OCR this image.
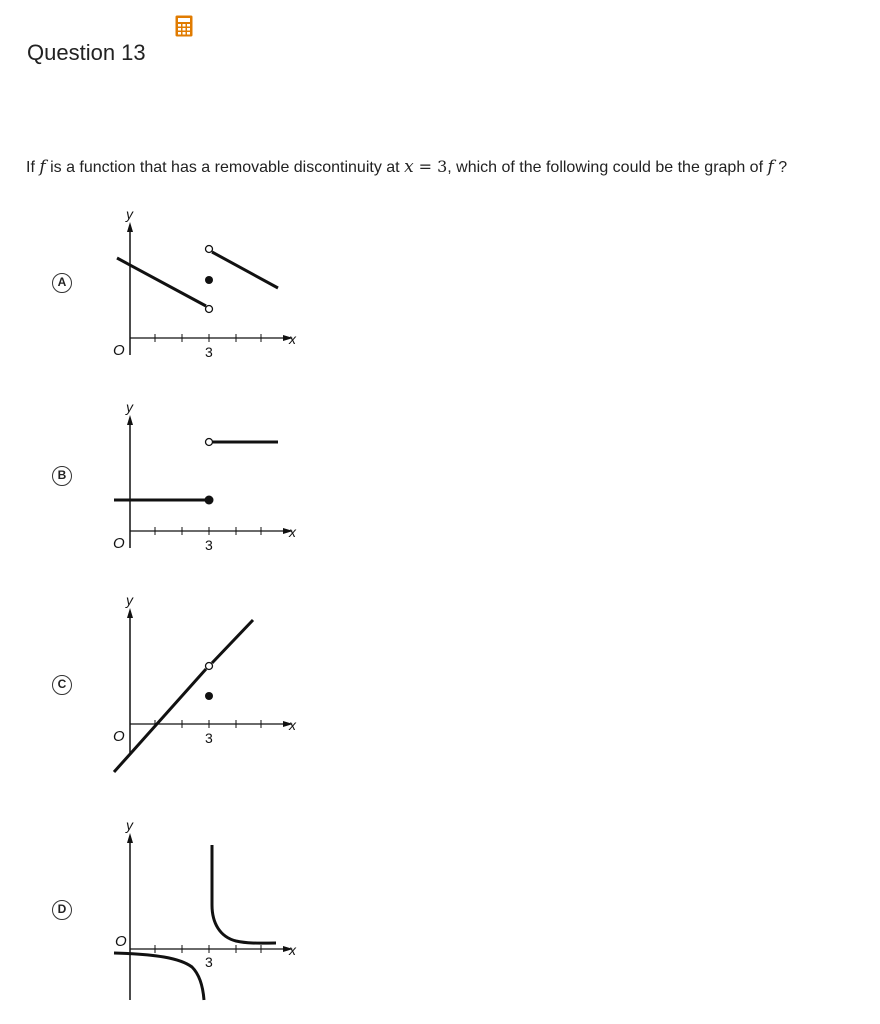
Question 13
If f is a function that has a removable discontinuity at x = 3, which of the following could be the graph of f ?
A
y
x
O	3
B
y
x
O	3
C
y
x
O	3
D
y
x
O
3
